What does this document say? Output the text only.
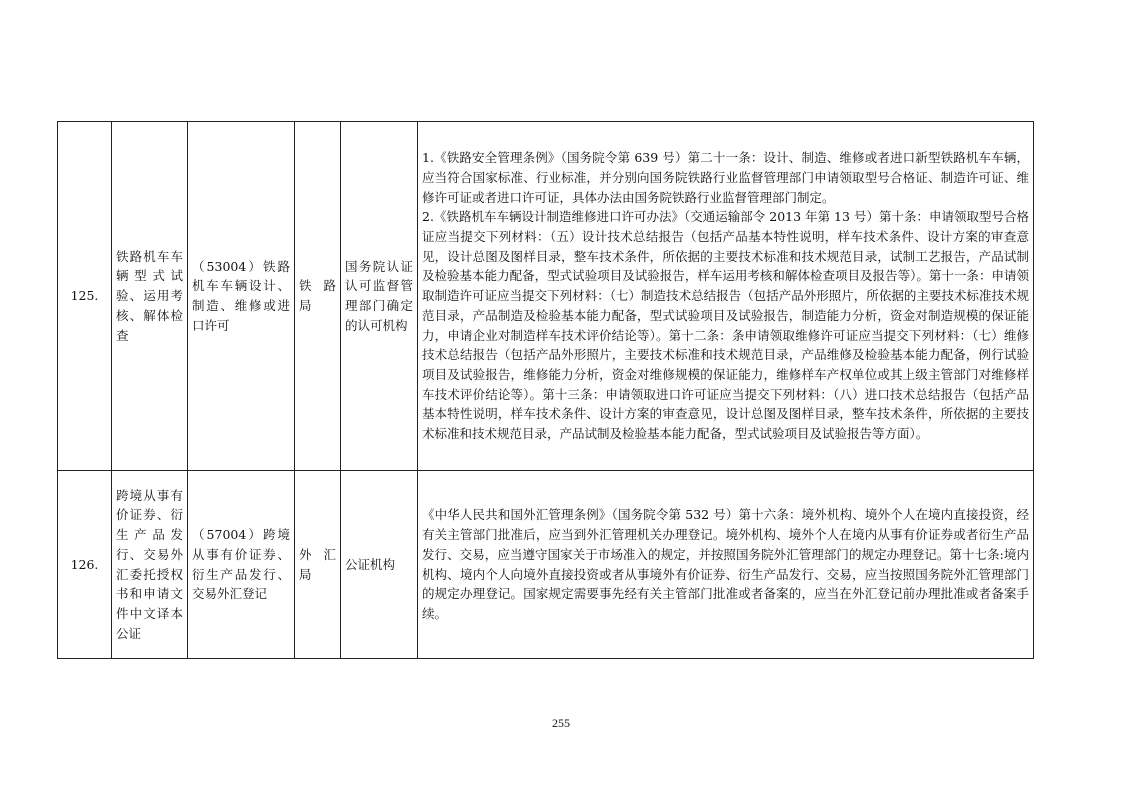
125.	铁路机车车辆型式试验、运用考核、解体检查	（53004）铁路机车车辆设计、制造、维修或进口许可	铁路局	国务院认证认可监督管理部门确定的认可机构	1.《铁路安全管理条例》（国务院令第 639 号）第二十一条：设计、制造、维修或者进口新型铁路机车车辆，应当符合国家标准、行业标准，并分别向国务院铁路行业监督管理部门申请领取型号合格证、制造许可证、维修许可证或者进口许可证，具体办法由国务院铁路行业监督管理部门制定。
2.《铁路机车车辆设计制造维修进口许可办法》（交通运输部令 2013 年第 13 号）第十条：申请领取型号合格证应当提交下列材料：（五）设计技术总结报告（包括产品基本特性说明，样车技术条件、设计方案的审查意见，设计总图及图样目录，整车技术条件，所依据的主要技术标准和技术规范目录，试制工艺报告，产品试制及检验基本能力配备，型式试验项目及试验报告，样车运用考核和解体检查项目及报告等）。第十一条：申请领取制造许可证应当提交下列材料：（七）制造技术总结报告（包括产品外形照片，所依据的主要技术标准技术规范目录，产品制造及检验基本能力配备，型式试验项目及试验报告，制造能力分析，资金对制造规模的保证能力，申请企业对制造样车技术评价结论等）。第十二条：条申请领取维修许可证应当提交下列材料：（七）维修技术总结报告（包括产品外形照片，主要技术标准和技术规范目录，产品维修及检验基本能力配备，例行试验项目及试验报告，维修能力分析，资金对维修规模的保证能力，维修样车产权单位或其上级主管部门对维修样车技术评价结论等）。第十三条：申请领取进口许可证应当提交下列材料：（八）进口技术总结报告（包括产品基本特性说明，样车技术条件、设计方案的审查意见，设计总图及图样目录，整车技术条件，所依据的主要技术标准和技术规范目录，产品试制及检验基本能力配备，型式试验项目及试验报告等方面）。

126.	跨境从事有价证券、衍生产品发行、交易外汇委托授权书和申请文件中文译本公证	（57004）跨境从事有价证券、衍生产品发行、交易外汇登记	外汇局	公证机构	《中华人民共和国外汇管理条例》（国务院令第 532 号）第十六条：境外机构、境外个人在境内直接投资，经有关主管部门批准后，应当到外汇管理机关办理登记。境外机构、境外个人在境内从事有价证券或者衍生产品发行、交易，应当遵守国家关于市场准入的规定，并按照国务院外汇管理部门的规定办理登记。第十七条:境内机构、境内个人向境外直接投资或者从事境外有价证券、衍生产品发行、交易，应当按照国务院外汇管理部门的规定办理登记。国家规定需要事先经有关主管部门批准或者备案的，应当在外汇登记前办理批准或者备案手续。
255
